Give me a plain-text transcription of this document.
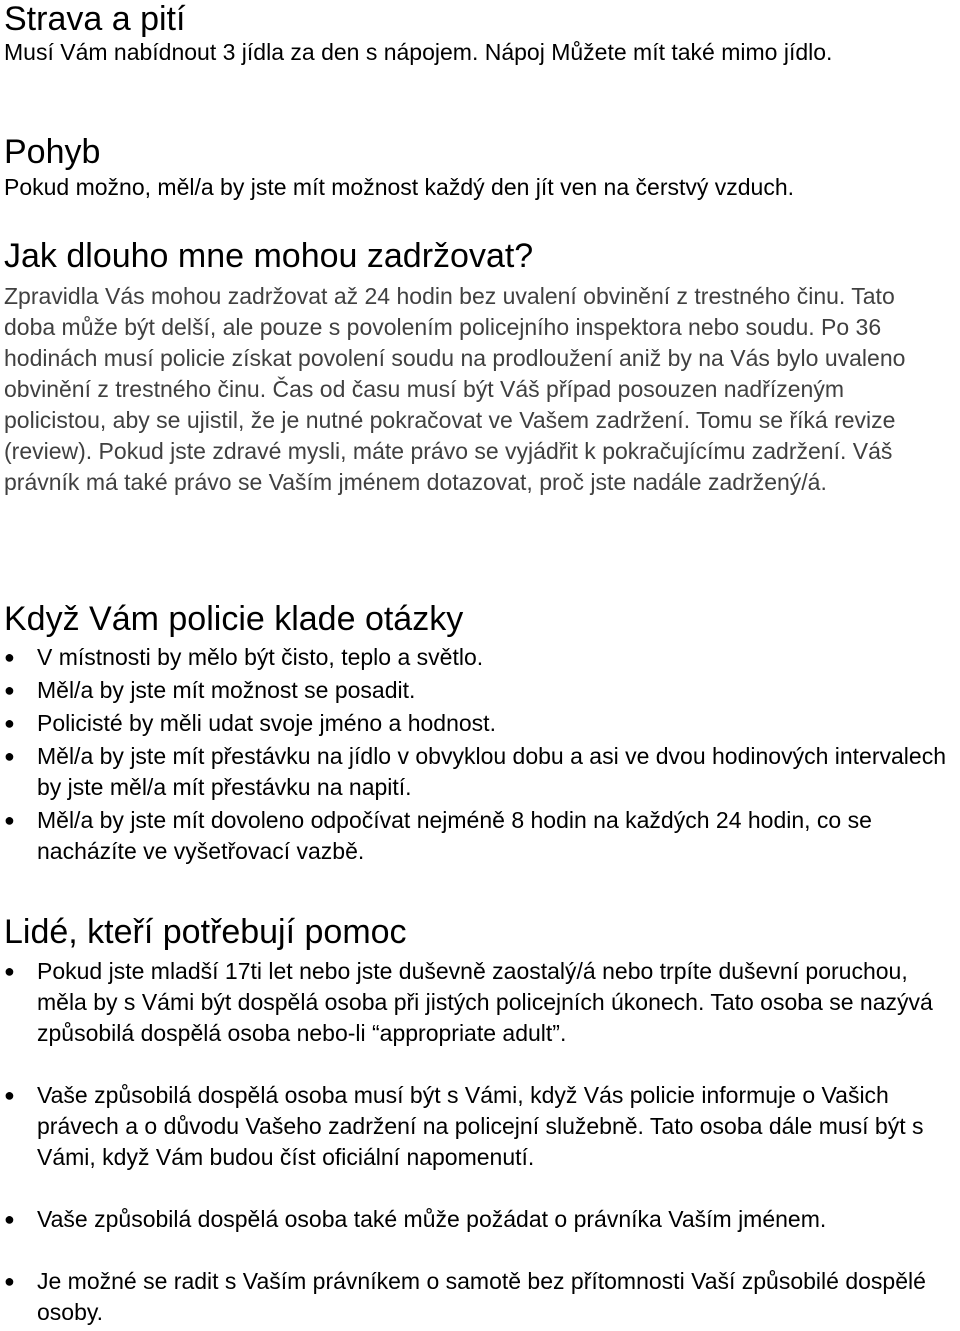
Strava a pití

Musí Vám nabídnout 3 jídla za den s nápojem. Nápoj Můžete mít také mimo jídlo.

Pohyb

Pokud možno, měl/a by jste mít možnost každý den jít ven na čerstvý vzduch.

Jak dlouho mne mohou zadržovat?

Zpravidla Vás mohou zadržovat až 24 hodin bez uvalení obvinění z trestného činu. Tato doba může být delší, ale pouze s povolením policejního inspektora nebo soudu. Po 36 hodinách musí policie získat povolení soudu na prodloužení aniž by na Vás bylo uvaleno obvinění z trestného činu. Čas od času musí být Váš případ posouzen nadřízeným policistou, aby se ujistil, že je nutné pokračovat ve Vašem zadržení. Tomu se říká revize (review). Pokud jste zdravé mysli, máte právo se vyjádřit k pokračujícímu zadržení. Váš právník má také právo se Vaším jménem dotazovat, proč jste nadále zadržený/á.

Když Vám policie klade otázky
● V místnosti by mělo být čisto, teplo a světlo.
● Měl/a by jste mít možnost se posadit.
● Policisté by měli udat svoje jméno a hodnost.
● Měl/a by jste mít přestávku na jídlo v obvyklou dobu a asi ve dvou hodinových intervalech by jste měl/a mít přestávku na napití.
● Měl/a by jste mít dovoleno odpočívat nejméně 8 hodin na každých 24 hodin, co se nacházíte ve vyšetřovací vazbě.
Lidé, kteří potřebují pomoc
● Pokud jste mladší 17ti let nebo jste duševně zaostalý/á nebo trpíte duševní poruchou, měla by s Vámi být dospělá osoba při jistých policejních úkonech. Tato osoba se nazývá způsobilá dospělá osoba nebo-li “appropriate adult”.
● Vaše způsobilá dospělá osoba musí být s Vámi, když Vás policie informuje o Vašich právech a o důvodu Vašeho zadržení na policejní služebně. Tato osoba dále musí být s Vámi, když Vám budou číst oficiální napomenutí.
● Vaše způsobilá dospělá osoba také může požádat o právníka Vaším jménem.
● Je možné se radit s Vaším právníkem o samotě bez přítomnosti Vaší způsobilé dospělé osoby.
